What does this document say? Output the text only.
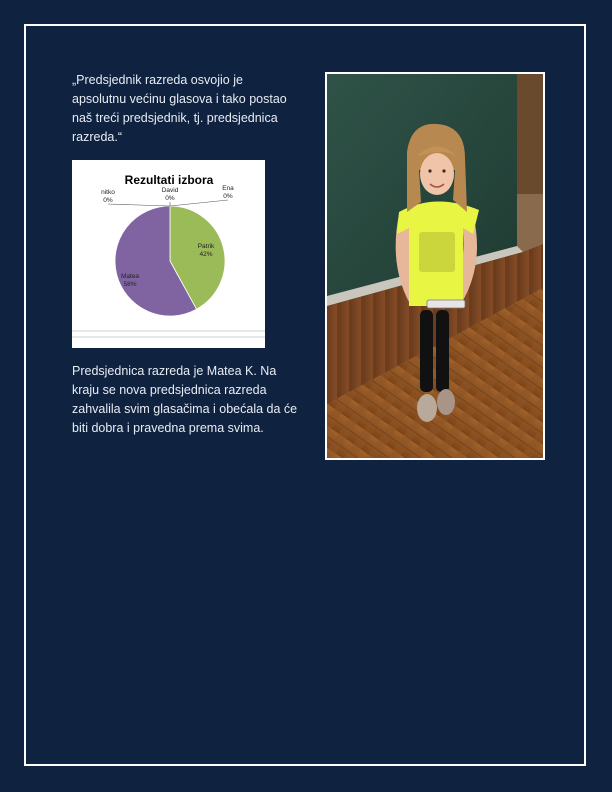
„Predsjednik razreda osvojio je apsolutnu većinu glasova i tako postao naš treći predsjednik, tj. predsjednica razreda.“

Rezultati izbora
nitko 0%
David 0%
Ena 0%
Patrik 42%
Matea 58%

Predsjednica razreda je Matea K. Na kraju se nova predsjednica razreda zahvalila svim glasačima i obećala da će biti dobra i pravedna prema svima.
